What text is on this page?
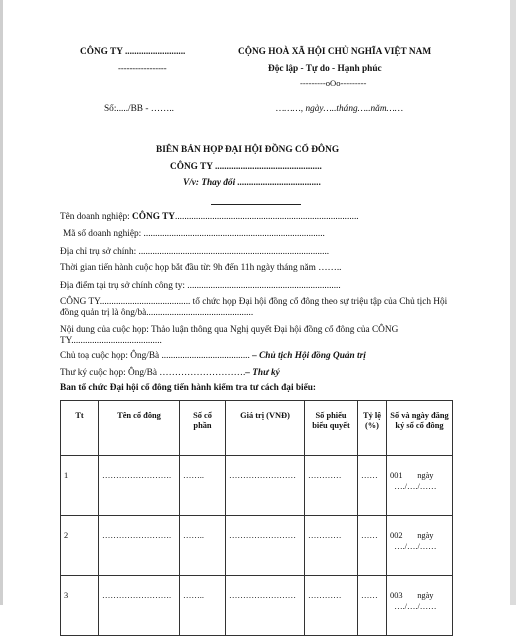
CÔNG TY ..........................
-----------------
Số:...../BB - ……..
CỘNG HOÀ XÃ HỘI CHỦ NGHĨA VIỆT NAM
Độc lập - Tự do - Hạnh phúc
---------oOo---------
………, ngày…..tháng…..năm……
BIÊN BẢN HỌP ĐẠI HỘI ĐỒNG CỔ ĐÔNG
CÔNG TY ..............................................
V/v: Thay đổi ....................................
Tên doanh nghiệp: CÔNG TY...............................................................................
Mã số doanh nghiệp: ..............................................................................
Địa chỉ trụ sở chính: ..................................................................................
Thời gian tiến hành cuộc họp bắt đầu từ: 9h đến 11h ngày tháng năm ……..
Địa điểm tại trụ sở chính công ty: ..................................................................
CÔNG TY....................................... tổ chức họp Đại hội đồng cổ đông theo sự triệu tập của Chủ tịch Hội đồng quản trị là ông/bà..............................................
Nội dung của cuộc họp: Thảo luận thông qua Nghị quyết Đại hội đồng cổ đông của CÔNG TY.......................................
Chủ toạ cuộc họp: Ông/Bà ...................................... – Chủ tịch Hội đồng Quản trị
Thư ký cuộc họp: Ông/Bà ……………………….– Thư ký
Ban tổ chức Đại hội cổ đông tiến hành kiểm tra tư cách đại biểu:
Tt	Tên cổ đông	Số cổ phần	Giá trị (VNĐ)	Số phiếu biểu quyết	Tỷ lệ (%)	Số và ngày đăng ký sổ cổ đông
1	…………………….	……..	……………………	…………	……	001 ngày
…./…./……
2	…………………….	……..	……………………	…………	……	002 ngày
…./…./……
3	…………………….	……..	……………………	…………	……	003 ngày
…./…./……
